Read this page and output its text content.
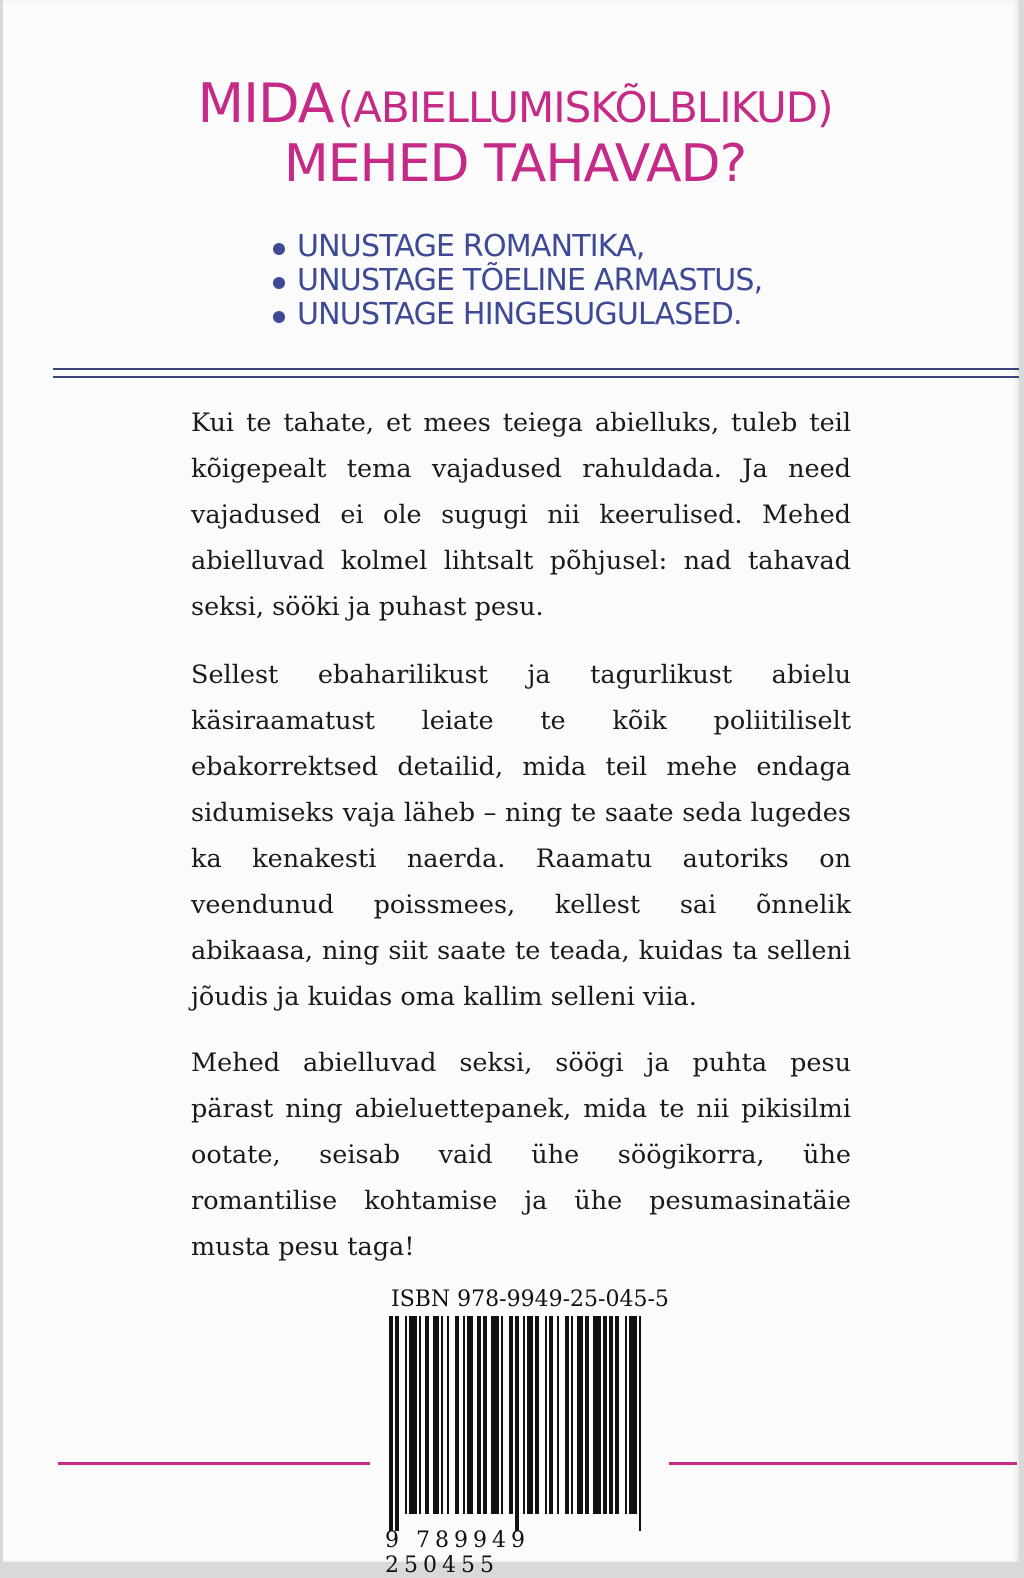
MIDA (ABIELLUMISKÕLBLIKUD)
MEHED TAHAVAD?
UNUSTAGE ROMANTIKA,
UNUSTAGE TÕELINE ARMASTUS,
UNUSTAGE HINGESUGULASED.

Kui te tahate, et mees teiega abielluks, tuleb teil kõigepealt tema vajadused rahuldada. Ja need vajadused ei ole sugugi nii keerulised. Mehed abielluvad kolmel lihtsalt põhjusel: nad tahavad seksi, sööki ja puhast pesu.

Sellest ebaharilikust ja tagurlikust abielu käsiraamatust leiate te kõik poliitiliselt ebakorrektsed detailid, mida teil mehe endaga sidumiseks vaja läheb – ning te saate seda lugedes ka kenakesti naerda. Raamatu autoriks on veendunud poissmees, kellest sai õnnelik abikaasa, ning siit saate te teada, kuidas ta selleni jõudis ja kuidas oma kallim selleni viia.

Mehed abielluvad seksi, söögi ja puhta pesu pärast ning abieluettepanek, mida te nii pikisilmi ootate, seisab vaid ühe söögikorra, ühe romantilise kohtamise ja ühe pesumasinatäie musta pesu taga!

ISBN 978-9949-25-045-5
9 789949 250455
